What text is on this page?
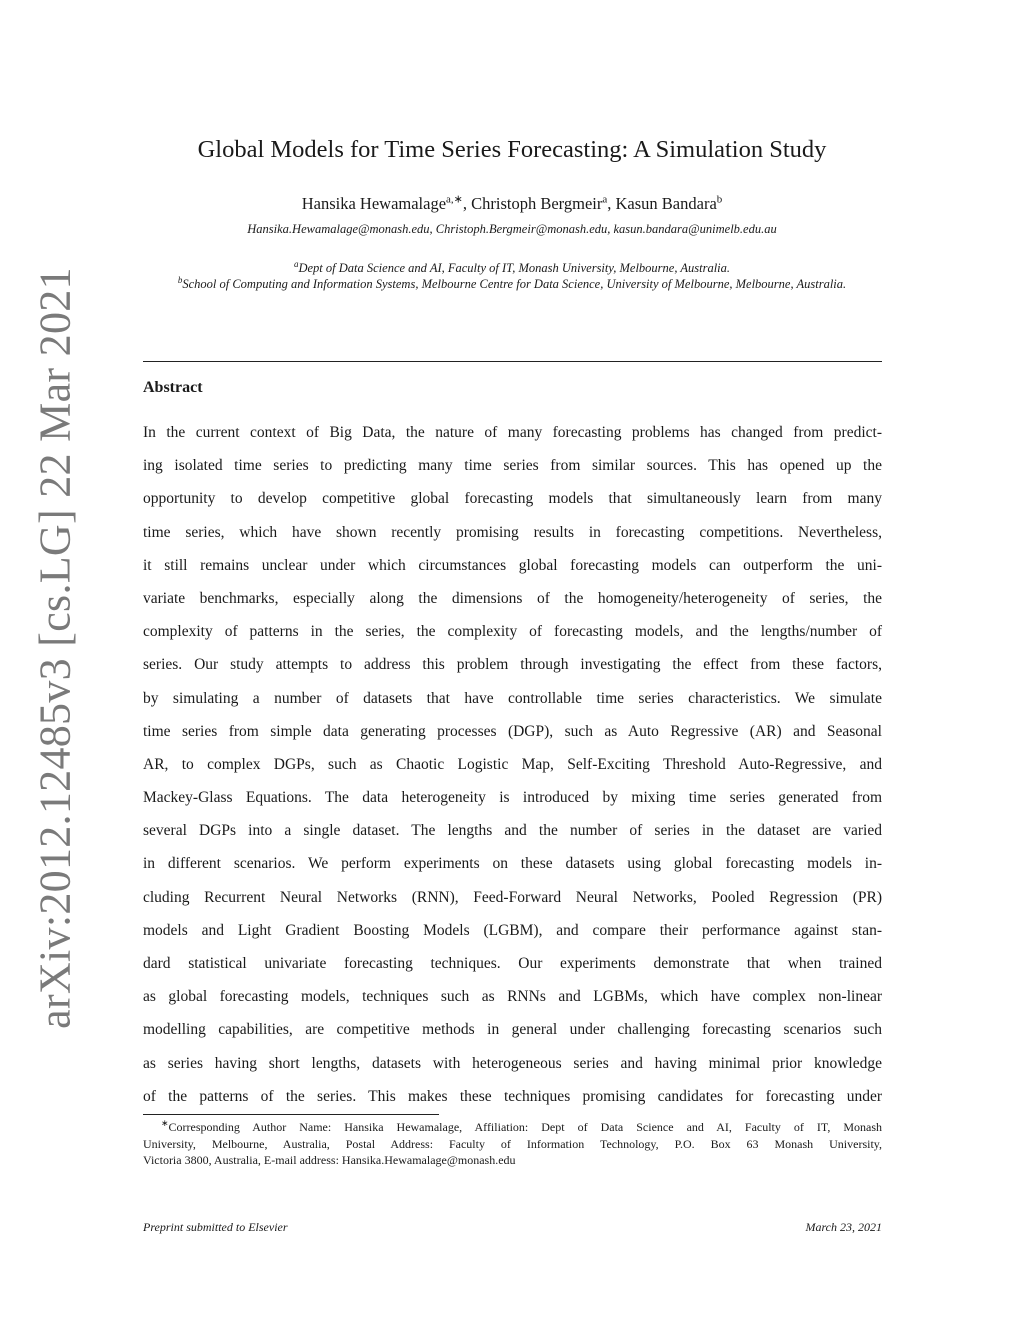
arXiv:2012.12485v3 [cs.LG] 22 Mar 2021
Global Models for Time Series Forecasting: A Simulation Study
Hansika Hewamalage$^{a,∗}$, Christoph Bergmeir$^a$, Kasun Bandara$^b$
Hansika.Hewamalage@monash.edu, Christoph.Bergmeir@monash.edu, kasun.bandara@unimelb.edu.au
$^a$Dept of Data Science and AI, Faculty of IT, Monash University, Melbourne, Australia.
$^b$School of Computing and Information Systems, Melbourne Centre for Data Science, University of Melbourne, Melbourne, Australia.
Abstract
In the current context of Big Data, the nature of many forecasting problems has changed from predict-
ing isolated time series to predicting many time series from similar sources. This has opened up the
opportunity to develop competitive global forecasting models that simultaneously learn from many
time series, which have shown recently promising results in forecasting competitions. Nevertheless,
it still remains unclear under which circumstances global forecasting models can outperform the uni-
variate benchmarks, especially along the dimensions of the homogeneity/heterogeneity of series, the
complexity of patterns in the series, the complexity of forecasting models, and the lengths/number of
series. Our study attempts to address this problem through investigating the effect from these factors,
by simulating a number of datasets that have controllable time series characteristics. We simulate
time series from simple data generating processes (DGP), such as Auto Regressive (AR) and Seasonal
AR, to complex DGPs, such as Chaotic Logistic Map, Self-Exciting Threshold Auto-Regressive, and
Mackey-Glass Equations. The data heterogeneity is introduced by mixing time series generated from
several DGPs into a single dataset. The lengths and the number of series in the dataset are varied
in different scenarios. We perform experiments on these datasets using global forecasting models in-
cluding Recurrent Neural Networks (RNN), Feed-Forward Neural Networks, Pooled Regression (PR)
models and Light Gradient Boosting Models (LGBM), and compare their performance against stan-
dard statistical univariate forecasting techniques. Our experiments demonstrate that when trained
as global forecasting models, techniques such as RNNs and LGBMs, which have complex non-linear
modelling capabilities, are competitive methods in general under challenging forecasting scenarios such
as series having short lengths, datasets with heterogeneous series and having minimal prior knowledge
of the patterns of the series. This makes these techniques promising candidates for forecasting under
∗Corresponding Author Name: Hansika Hewamalage, Affiliation: Dept of Data Science and AI, Faculty of IT, Monash
University, Melbourne, Australia, Postal Address: Faculty of Information Technology, P.O. Box 63 Monash University,
Victoria 3800, Australia, E-mail address: Hansika.Hewamalage@monash.edu
Preprint submitted to Elsevier	March 23, 2021
